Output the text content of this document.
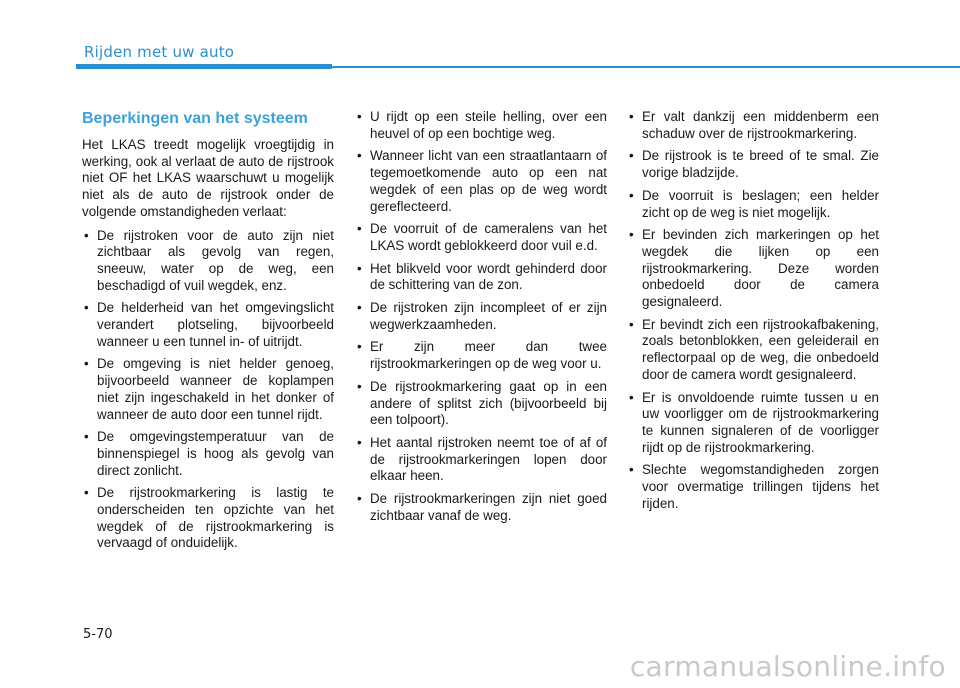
Rijden met uw auto
Beperkingen van het systeem

Het LKAS treedt mogelijk vroegtijdig in werking, ook al verlaat de auto de rijstrook niet OF het LKAS waarschuwt u mogelijk niet als de auto de rijstrook onder de volgende omstandigheden verlaat:

• De rijstroken voor de auto zijn niet zichtbaar als gevolg van regen, sneeuw, water op de weg, een beschadigd of vuil wegdek, enz.
• De helderheid van het omgevingslicht verandert plotseling, bijvoorbeeld wanneer u een tunnel in- of uitrijdt.
• De omgeving is niet helder genoeg, bijvoorbeeld wanneer de koplampen niet zijn ingeschakeld in het donker of wanneer de auto door een tunnel rijdt.
• De omgevingstemperatuur van de binnenspiegel is hoog als gevolg van direct zonlicht.
• De rijstrookmarkering is lastig te onderscheiden ten opzichte van het wegdek of de rijstrookmarkering is vervaagd of onduidelijk.
• U rijdt op een steile helling, over een heuvel of op een bochtige weg.
• Wanneer licht van een straatlantaarn of tegemoetkomende auto op een nat wegdek of een plas op de weg wordt gereflecteerd.
• De voorruit of de cameralens van het LKAS wordt geblokkeerd door vuil e.d.
• Het blikveld voor wordt gehinderd door de schittering van de zon.
• De rijstroken zijn incompleet of er zijn wegwerkzaamheden.
• Er zijn meer dan twee rijstrookmarkeringen op de weg voor u.
• De rijstrookmarkering gaat op in een andere of splitst zich (bijvoorbeeld bij een tolpoort).
• Het aantal rijstroken neemt toe of af of de rijstrookmarkeringen lopen door elkaar heen.
• De rijstrookmarkeringen zijn niet goed zichtbaar vanaf de weg.
• Er valt dankzij een middenberm een schaduw over de rijstrookmarkering.
• De rijstrook is te breed of te smal. Zie vorige bladzijde.
• De voorruit is beslagen; een helder zicht op de weg is niet mogelijk.
• Er bevinden zich markeringen op het wegdek die lijken op een rijstrookmarkering. Deze worden onbedoeld door de camera gesignaleerd.
• Er bevindt zich een rijstrookafbakening, zoals betonblokken, een geleiderail en reflectorpaal op de weg, die onbedoeld door de camera wordt gesignaleerd.
• Er is onvoldoende ruimte tussen u en uw voorligger om de rijstrookmarkering te kunnen signaleren of de voorligger rijdt op de rijstrookmarkering.
• Slechte wegomstandigheden zorgen voor overmatige trillingen tijdens het rijden.
5-70
carmanualsonline.info
